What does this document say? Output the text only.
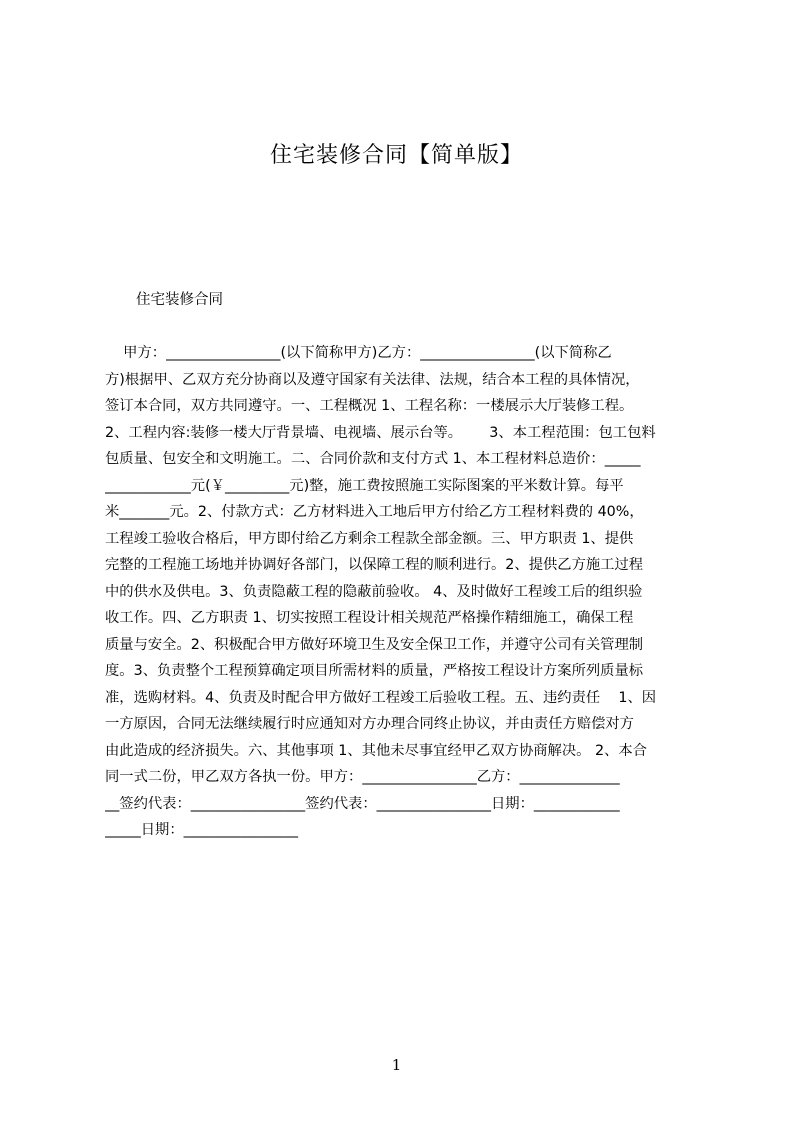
住宅装修合同【简单版】
住宅装修合同
甲方：________________(以下简称甲方)乙方：________________(以下简称乙
方)根据甲、乙双方充分协商以及遵守国家有关法律、法规，结合本工程的具体情况，
签订本合同，双方共同遵守。一、工程概况 1、工程名称：一楼展示大厅装修工程。
2、工程内容:装修一楼大厅背景墙、电视墙、展示台等。      3、本工程范围：包工包料
包质量、包安全和文明施工。二、合同价款和支付方式 1、本工程材料总造价：_____
____________元(￥_________元)整，施工费按照施工实际图案的平米数计算。每平
米_______元。2、付款方式：乙方材料进入工地后甲方付给乙方工程材料费的 40%，
工程竣工验收合格后，甲方即付给乙方剩余工程款全部金额。三、甲方职责 1、提供
完整的工程施工场地并协调好各部门，以保障工程的顺利进行。2、提供乙方施工过程
中的供水及供电。3、负责隐蔽工程的隐蔽前验收。 4、及时做好工程竣工后的组织验
收工作。四、乙方职责 1、切实按照工程设计相关规范严格操作精细施工，确保工程
质量与安全。2、积极配合甲方做好环境卫生及安全保卫工作，并遵守公司有关管理制
度。3、负责整个工程预算确定项目所需材料的质量，严格按工程设计方案所列质量标
准，选购材料。4、负责及时配合甲方做好工程竣工后验收工程。五、违约责任    1、因
一方原因，合同无法继续履行时应通知对方办理合同终止协议，并由责任方赔偿对方
由此造成的经济损失。六、其他事项 1、其他未尽事宜经甲乙双方协商解决。 2、本合
同一式二份，甲乙双方各执一份。甲方：________________乙方：______________
__签约代表：________________签约代表：________________日期：____________
_____日期：________________
1
